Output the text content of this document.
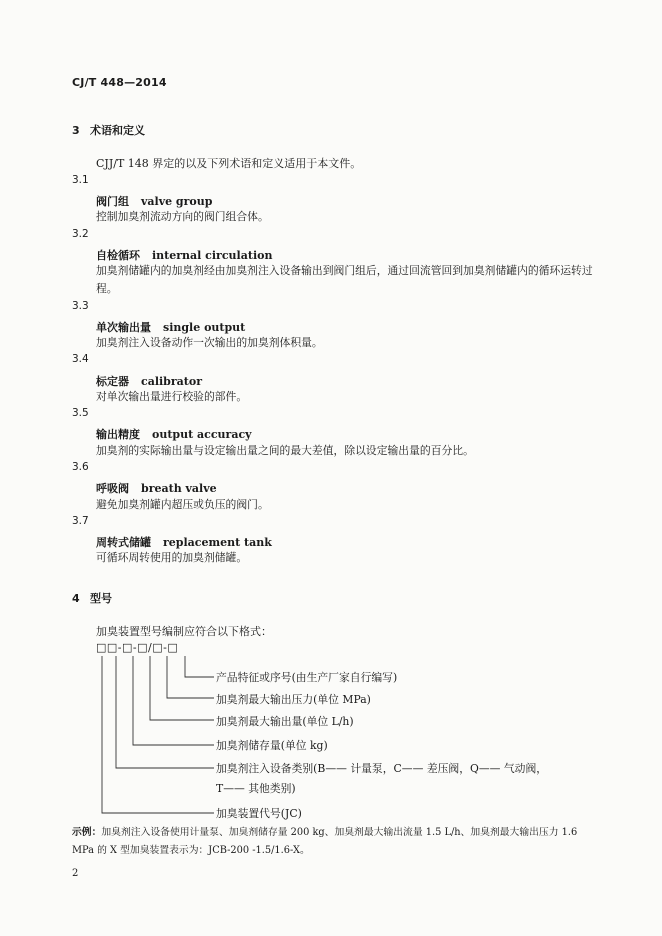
CJ/T 448—2014
3 术语和定义
CJJ/T 148 界定的以及下列术语和定义适用于本文件。
3.1
阀门组 valve group
控制加臭剂流动方向的阀门组合体。
3.2
自检循环 internal circulation
加臭剂储罐内的加臭剂经由加臭剂注入设备输出到阀门组后，通过回流管回到加臭剂储罐内的循环运转过程。
3.3
单次输出量 single output
加臭剂注入设备动作一次输出的加臭剂体积量。
3.4
标定器 calibrator
对单次输出量进行校验的部件。
3.5
输出精度 output accuracy
加臭剂的实际输出量与设定输出量之间的最大差值，除以设定输出量的百分比。
3.6
呼吸阀 breath valve
避免加臭剂罐内超压或负压的阀门。
3.7
周转式储罐 replacement tank
可循环周转使用的加臭剂储罐。
4 型号
加臭装置型号编制应符合以下格式：
□□-□-□/□-□
产品特征或序号(由生产厂家自行编写)
加臭剂最大输出压力(单位 MPa)
加臭剂最大输出量(单位 L/h)
加臭剂储存量(单位 kg)
加臭剂注入设备类别(B—— 计量泵，C—— 差压阀，Q—— 气动阀，
T—— 其他类别)
加臭装置代号(JC)
示例：加臭剂注入设备使用计量泵、加臭剂储存量 200 kg、加臭剂最大输出流量 1.5 L/h、加臭剂最大输出压力 1.6 MPa 的 X 型加臭装置表示为：JCB-200 -1.5/1.6-X。
2
